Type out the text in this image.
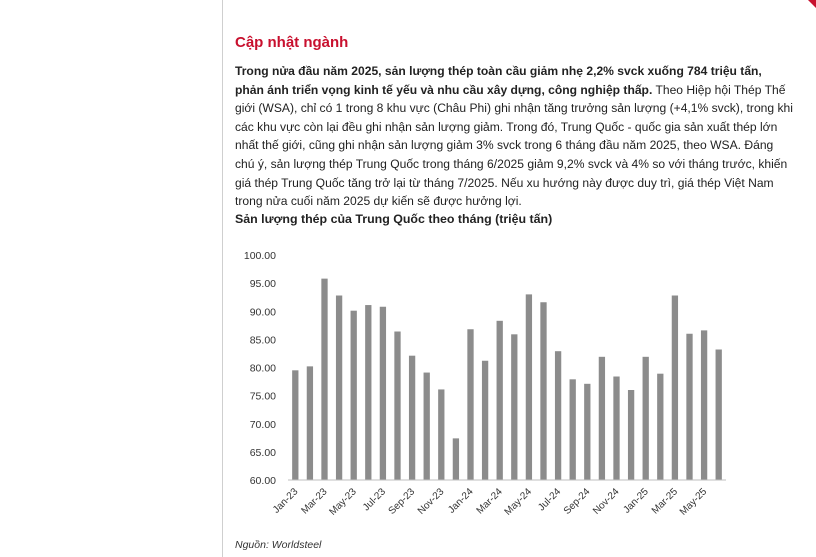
Cập nhật ngành
Trong nửa đầu năm 2025, sản lượng thép toàn cầu giảm nhẹ 2,2% svck xuống 784 triệu tấn, phản ánh triển vọng kinh tế yếu và nhu cầu xây dựng, công nghiệp thấp. Theo Hiệp hội Thép Thế giới (WSA), chỉ có 1 trong 8 khu vực (Châu Phi) ghi nhận tăng trưởng sản lượng (+4,1% svck), trong khi các khu vực còn lại đều ghi nhận sản lượng giảm. Trong đó, Trung Quốc - quốc gia sản xuất thép lớn nhất thế giới, cũng ghi nhận sản lượng giảm 3% svck trong 6 tháng đầu năm 2025, theo WSA. Đáng chú ý, sản lượng thép Trung Quốc trong tháng 6/2025 giảm 9,2% svck và 4% so với tháng trước, khiến giá thép Trung Quốc tăng trở lại từ tháng 7/2025. Nếu xu hướng này được duy trì, giá thép Việt Nam trong nửa cuối năm 2025 dự kiến sẽ được hưởng lợi.
Sản lượng thép của Trung Quốc theo tháng (triệu tấn)
60.00
65.00
70.00
75.00
80.00
85.00
90.00
95.00
100.00
Jan-23 Mar-23
May-23 Jul-23
Sep-23
Nov-23 Jan-24 Mar-24
May-24 Jul-24
Sep-24
Nov-24 Jan-25 Mar-25
May-25
Nguồn: Worldsteel
